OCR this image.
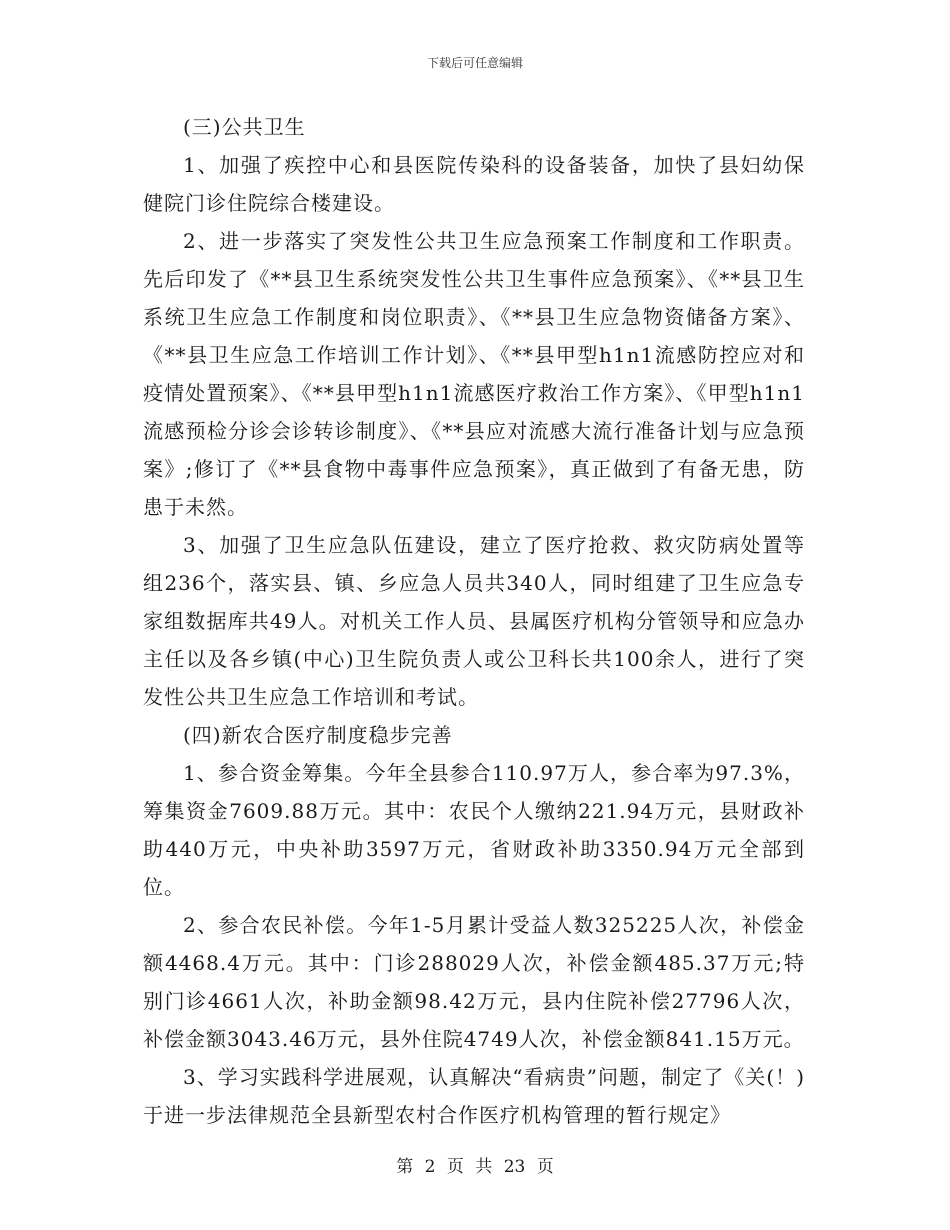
下载后可任意编辑

(三)公共卫生

1、加强了疾控中心和县医院传染科的设备装备，加快了县妇幼保健院门诊住院综合楼建设。

2、进一步落实了突发性公共卫生应急预案工作制度和工作职责。先后印发了《**县卫生系统突发性公共卫生事件应急预案》、《**县卫生系统卫生应急工作制度和岗位职责》、《**县卫生应急物资储备方案》、《**县卫生应急工作培训工作计划》、《**县甲型h1n1流感防控应对和疫情处置预案》、《**县甲型h1n1流感医疗救治工作方案》、《甲型h1n1流感预检分诊会诊转诊制度》、《**县应对流感大流行准备计划与应急预案》;修订了《**县食物中毒事件应急预案》，真正做到了有备无患，防患于未然。

3、加强了卫生应急队伍建设，建立了医疗抢救、救灾防病处置等组236个，落实县、镇、乡应急人员共340人，同时组建了卫生应急专家组数据库共49人。对机关工作人员、县属医疗机构分管领导和应急办主任以及各乡镇(中心)卫生院负责人或公卫科长共100余人，进行了突发性公共卫生应急工作培训和考试。

(四)新农合医疗制度稳步完善

1、参合资金筹集。今年全县参合110.97万人，参合率为97.3%，筹集资金7609.88万元。其中：农民个人缴纳221.94万元，县财政补助440万元，中央补助3597万元，省财政补助3350.94万元全部到位。

2、参合农民补偿。今年1-5月累计受益人数325225人次，补偿金额4468.4万元。其中：门诊288029人次，补偿金额485.37万元;特别门诊4661人次，补助金额98.42万元，县内住院补偿27796人次，补偿金额3043.46万元，县外住院4749人次，补偿金额841.15万元。

3、学习实践科学进展观，认真解决“看病贵”问题，制定了《关(！)于进一步法律规范全县新型农村合作医疗机构管理的暂行规定》

第 2 页 共 23 页
